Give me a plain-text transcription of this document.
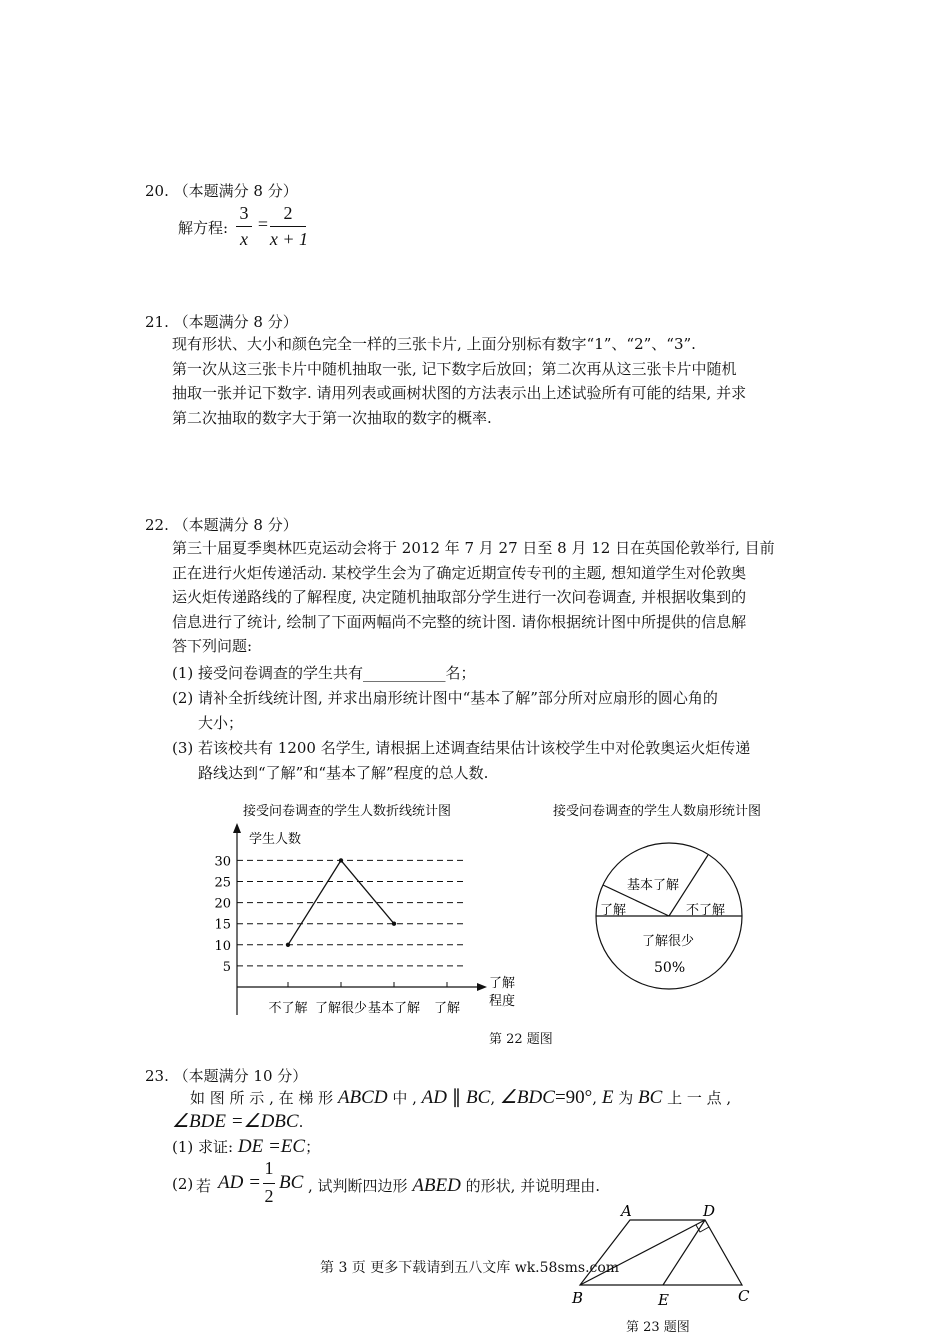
20. （本题满分 8 分）
解方程:
3
x
=
2
x + 1
21. （本题满分 8 分）
现有形状、大小和颜色完全一样的三张卡片, 上面分别标有数字“1”、“2”、“3”.
第一次从这三张卡片中随机抽取一张, 记下数字后放回；第二次再从这三张卡片中随机
抽取一张并记下数字. 请用列表或画树状图的方法表示出上述试验所有可能的结果, 并求
第二次抽取的数字大于第一次抽取的数字的概率.
22. （本题满分 8 分）
第三十届夏季奥林匹克运动会将于 2012 年 7 月 27 日至 8 月 12 日在英国伦敦举行, 目前
正在进行火炬传递活动. 某校学生会为了确定近期宣传专刊的主题, 想知道学生对伦敦奥
运火炬传递路线的了解程度, 决定随机抽取部分学生进行一次问卷调查, 并根据收集到的
信息进行了统计, 绘制了下面两幅尚不完整的统计图. 请你根据统计图中所提供的信息解
答下列问题:
(1) 接受问卷调查的学生共有___________名；
(2) 请补全折线统计图, 并求出扇形统计图中“基本了解”部分所对应扇形的圆心角的
大小；
(3) 若该校共有 1200 名学生, 请根据上述调查结果估计该校学生中对伦敦奥运火炬传递
路线达到“了解”和“基本了解”程度的总人数.
接受问卷调查的学生人数折线统计图
学生人数
了解
程度
5
10
15
20
25
30
不了解 了解很少 基本了解 了解
接受问卷调查的学生人数扇形统计图
基本了解
了解	不了解
了解很少
50%
第 22 题图
23. （本题满分 10 分）
如 图 所 示 , 在 梯 形 ABCD 中 , AD ∥ BC, ∠BDC=90°, E 为 BC 上 一 点 ,
∠BDE =∠DBC.
(1) 求证: DE =EC；
(2) 若 AD =
1
2
BC , 试判断四边形 ABED 的形状, 并说明理由.
A	D
B	E	C
第 23 题图
第 3 页 更多下载请到五八文库 wk.58sms.com
